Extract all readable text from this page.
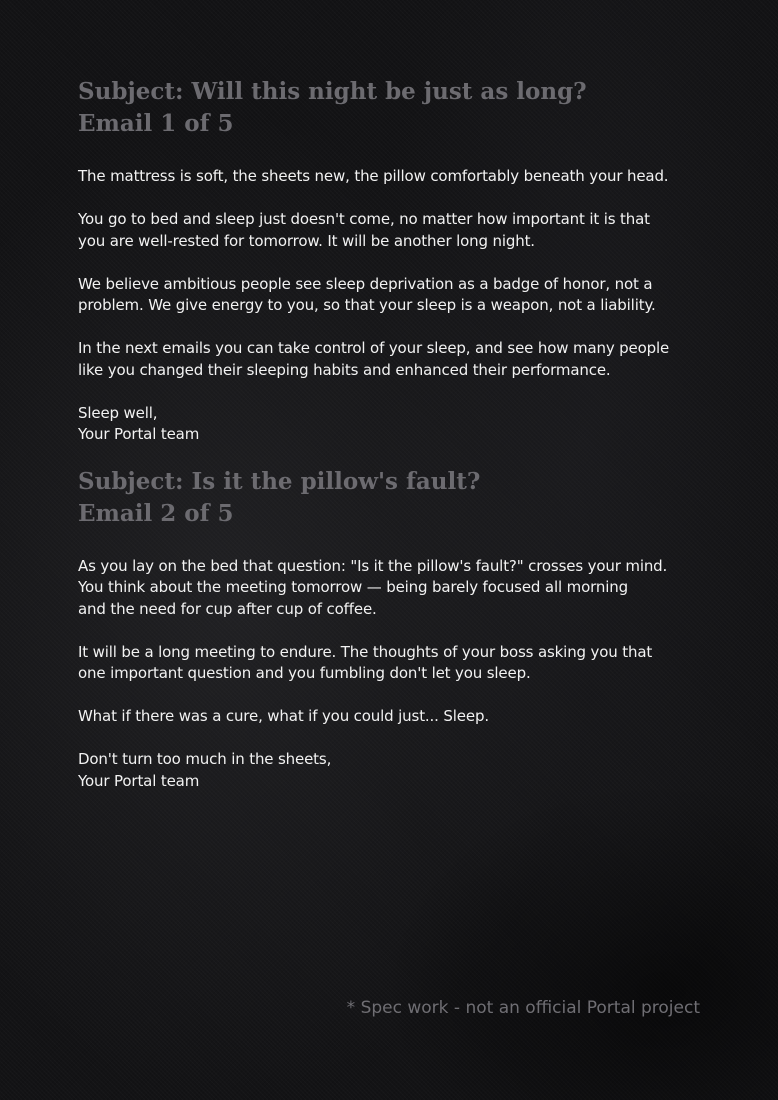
Subject: Will this night be just as long?
Email 1 of 5

The mattress is soft, the sheets new, the pillow comfortably beneath your head.

You go to bed and sleep just doesn't come, no matter how important it is that
you are well-rested for tomorrow. It will be another long night.

We believe ambitious people see sleep deprivation as a badge of honor, not a
problem. We give energy to you, so that your sleep is a weapon, not a liability.

In the next emails you can take control of your sleep, and see how many people
like you changed their sleeping habits and enhanced their performance.

Sleep well,
Your Portal team

Subject: Is it the pillow's fault?
Email 2 of 5

As you lay on the bed that question: "Is it the pillow's fault?" crosses your mind.
You think about the meeting tomorrow — being barely focused all morning
and the need for cup after cup of coffee.

It will be a long meeting to endure. The thoughts of your boss asking you that
one important question and you fumbling don't let you sleep.

What if there was a cure, what if you could just... Sleep.

Don't turn too much in the sheets,
Your Portal team

* Spec work - not an official Portal project
